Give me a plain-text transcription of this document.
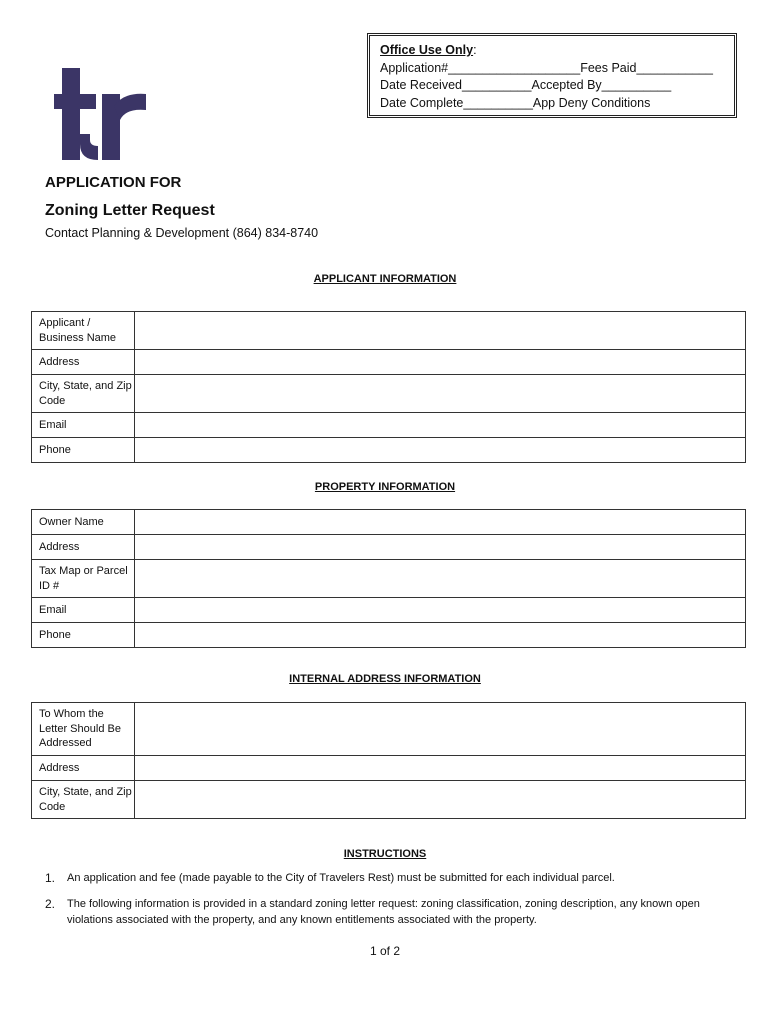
Office Use Only:
Application#___________________Fees Paid___________
Date Received__________Accepted By__________
Date Complete__________App Deny Conditions
APPLICATION FOR
Zoning Letter Request
Contact Planning & Development (864) 834-8740
APPLICANT INFORMATION
Applicant / Business Name	
Address	
City, State, and Zip Code	
Email	
Phone	
PROPERTY INFORMATION
Owner Name	
Address	
Tax Map or Parcel ID #	
Email	
Phone	
INTERNAL ADDRESS INFORMATION
To Whom the Letter Should Be Addressed	
Address	
City, State, and Zip Code	
INSTRUCTIONS
1. An application and fee (made payable to the City of Travelers Rest) must be submitted for each individual parcel.
2. The following information is provided in a standard zoning letter request: zoning classification, zoning description, any known open violations associated with the property, and any known entitlements associated with the property.
1 of 2
